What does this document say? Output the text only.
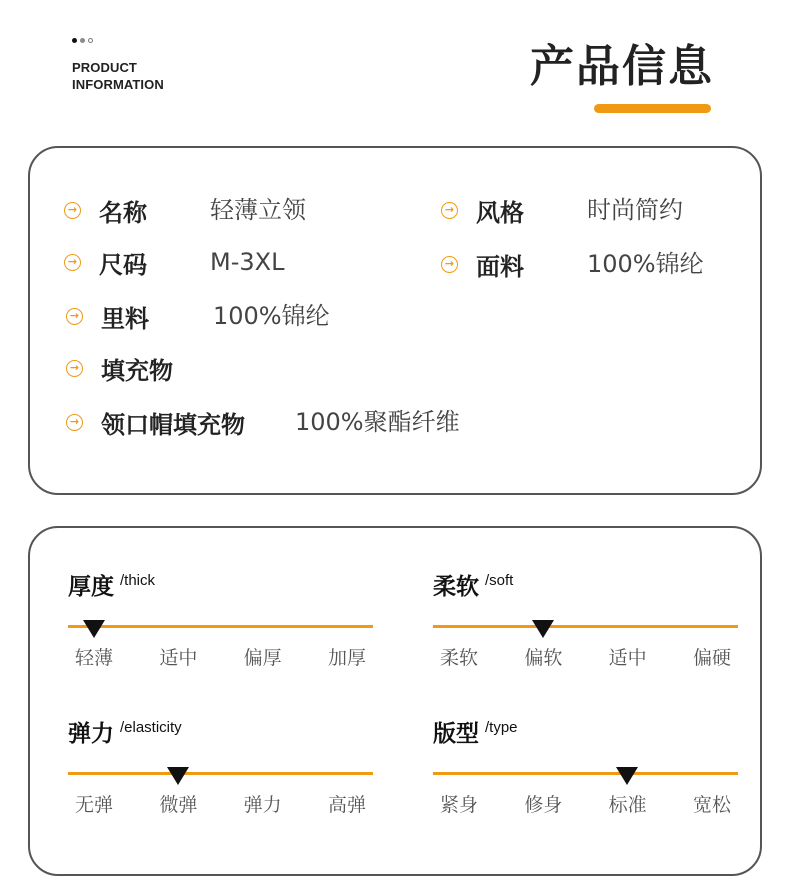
PRODUCT
INFORMATION	产品信息
→ 名称	轻薄立领	→ 风格	时尚简约
→ 尺码	M-3XL	→ 面料	100%锦纶
→ 里料	100%锦纶
→ 填充物
→ 领口帽填充物 100%聚酯纤维
厚度 $^{/thick}$
轻薄	适中	偏厚	加厚
柔软 $^{/soft}$
柔软	偏软	适中	偏硬
弹力 $^{/elasticity}$
无弹	微弹	弹力	高弹
版型 $^{/type}$
紧身	修身	标准	宽松
